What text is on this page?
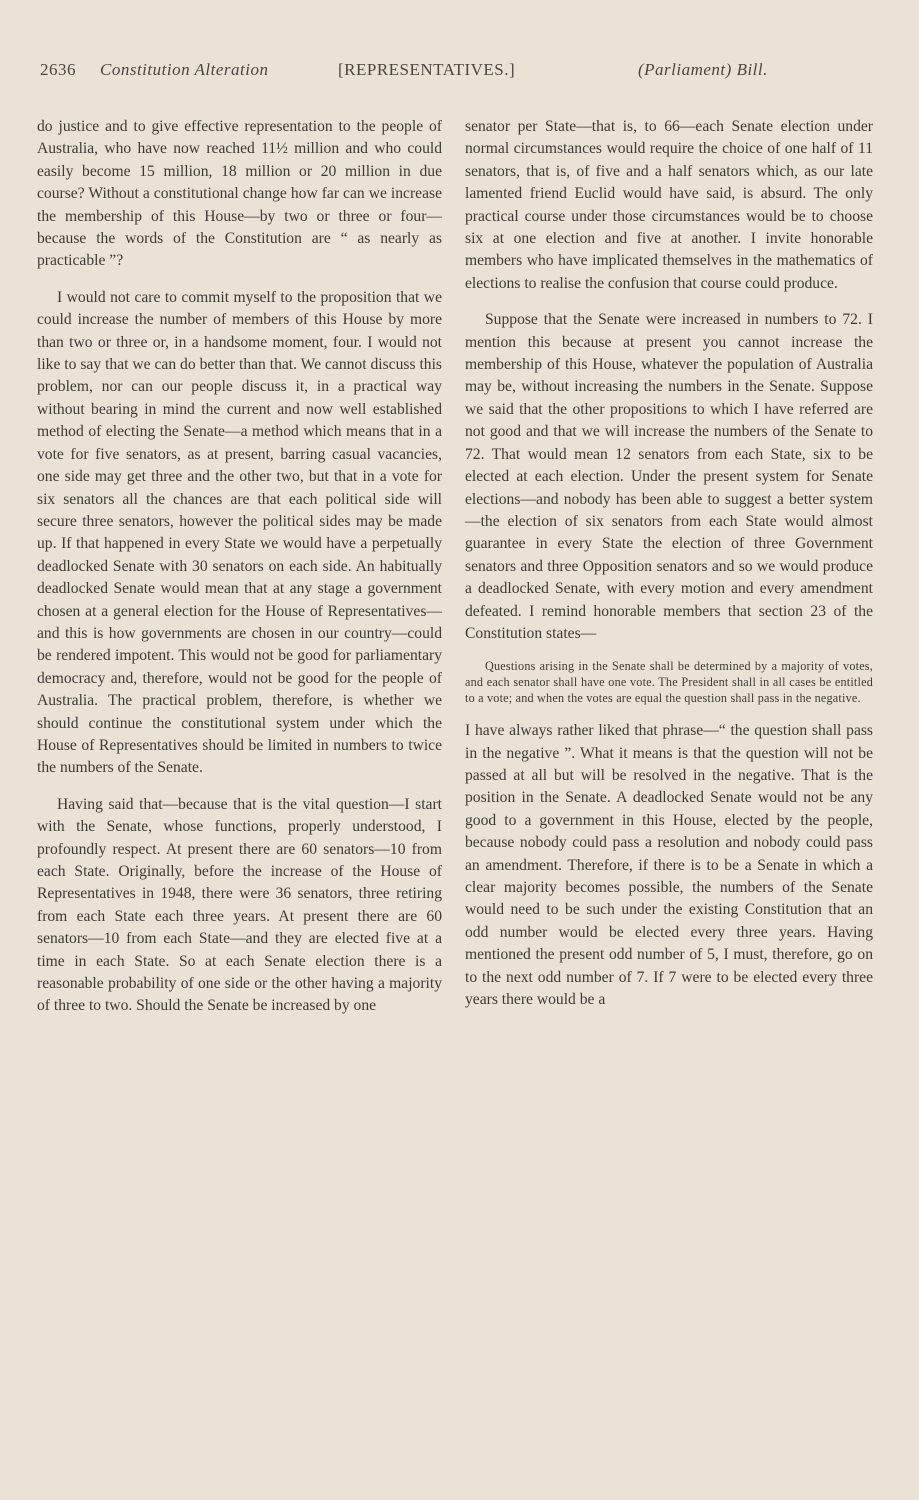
2636 Constitution Alteration	[REPRESENTATIVES.]	(Parliament) Bill.

do justice and to give effective representation to the people of Australia, who have now reached 11½ million and who could easily become 15 million, 18 million or 20 million in due course? Without a constitutional change how far can we increase the membership of this House—by two or three or four—because the words of the Constitution are “ as nearly as practicable ”?

I would not care to commit myself to the proposition that we could increase the number of members of this House by more than two or three or, in a handsome moment, four. I would not like to say that we can do better than that. We cannot discuss this problem, nor can our people discuss it, in a practical way without bearing in mind the current and now well established method of electing the Senate—a method which means that in a vote for five senators, as at present, barring casual vacancies, one side may get three and the other two, but that in a vote for six senators all the chances are that each political side will secure three senators, however the political sides may be made up. If that happened in every State we would have a perpetually deadlocked Senate with 30 senators on each side. An habitually deadlocked Senate would mean that at any stage a government chosen at a general election for the House of Representatives—and this is how governments are chosen in our country—could be rendered impotent. This would not be good for parliamentary democracy and, therefore, would not be good for the people of Australia. The practical problem, therefore, is whether we should continue the constitutional system under which the House of Representatives should be limited in numbers to twice the numbers of the Senate.

Having said that—because that is the vital question—I start with the Senate, whose functions, properly understood, I profoundly respect. At present there are 60 senators—10 from each State. Originally, before the increase of the House of Representatives in 1948, there were 36 senators, three retiring from each State each three years. At present there are 60 senators—10 from each State—and they are elected five at a time in each State. So at each Senate election there is a reasonable probability of one side or the other having a majority of three to two. Should the Senate be increased by one

senator per State—that is, to 66—each Senate election under normal circumstances would require the choice of one half of 11 senators, that is, of five and a half senators which, as our late lamented friend Euclid would have said, is absurd. The only practical course under those circumstances would be to choose six at one election and five at another. I invite honorable members who have implicated themselves in the mathematics of elections to realise the confusion that course could produce.

Suppose that the Senate were increased in numbers to 72. I mention this because at present you cannot increase the membership of this House, whatever the population of Australia may be, without increasing the numbers in the Senate. Suppose we said that the other propositions to which I have referred are not good and that we will increase the numbers of the Senate to 72. That would mean 12 senators from each State, six to be elected at each election. Under the present system for Senate elections—and nobody has been able to suggest a better system—the election of six senators from each State would almost guarantee in every State the election of three Government senators and three Opposition senators and so we would produce a deadlocked Senate, with every motion and every amendment defeated. I remind honorable members that section 23 of the Constitution states—

Questions arising in the Senate shall be determined by a majority of votes, and each senator shall have one vote. The President shall in all cases be entitled to a vote; and when the votes are equal the question shall pass in the negative.

I have always rather liked that phrase—“ the question shall pass in the negative ”. What it means is that the question will not be passed at all but will be resolved in the negative. That is the position in the Senate. A deadlocked Senate would not be any good to a government in this House, elected by the people, because nobody could pass a resolution and nobody could pass an amendment. Therefore, if there is to be a Senate in which a clear majority becomes possible, the numbers of the Senate would need to be such under the existing Constitution that an odd number would be elected every three years. Having mentioned the present odd number of 5, I must, therefore, go on to the next odd number of 7. If 7 were to be elected every three years there would be a
